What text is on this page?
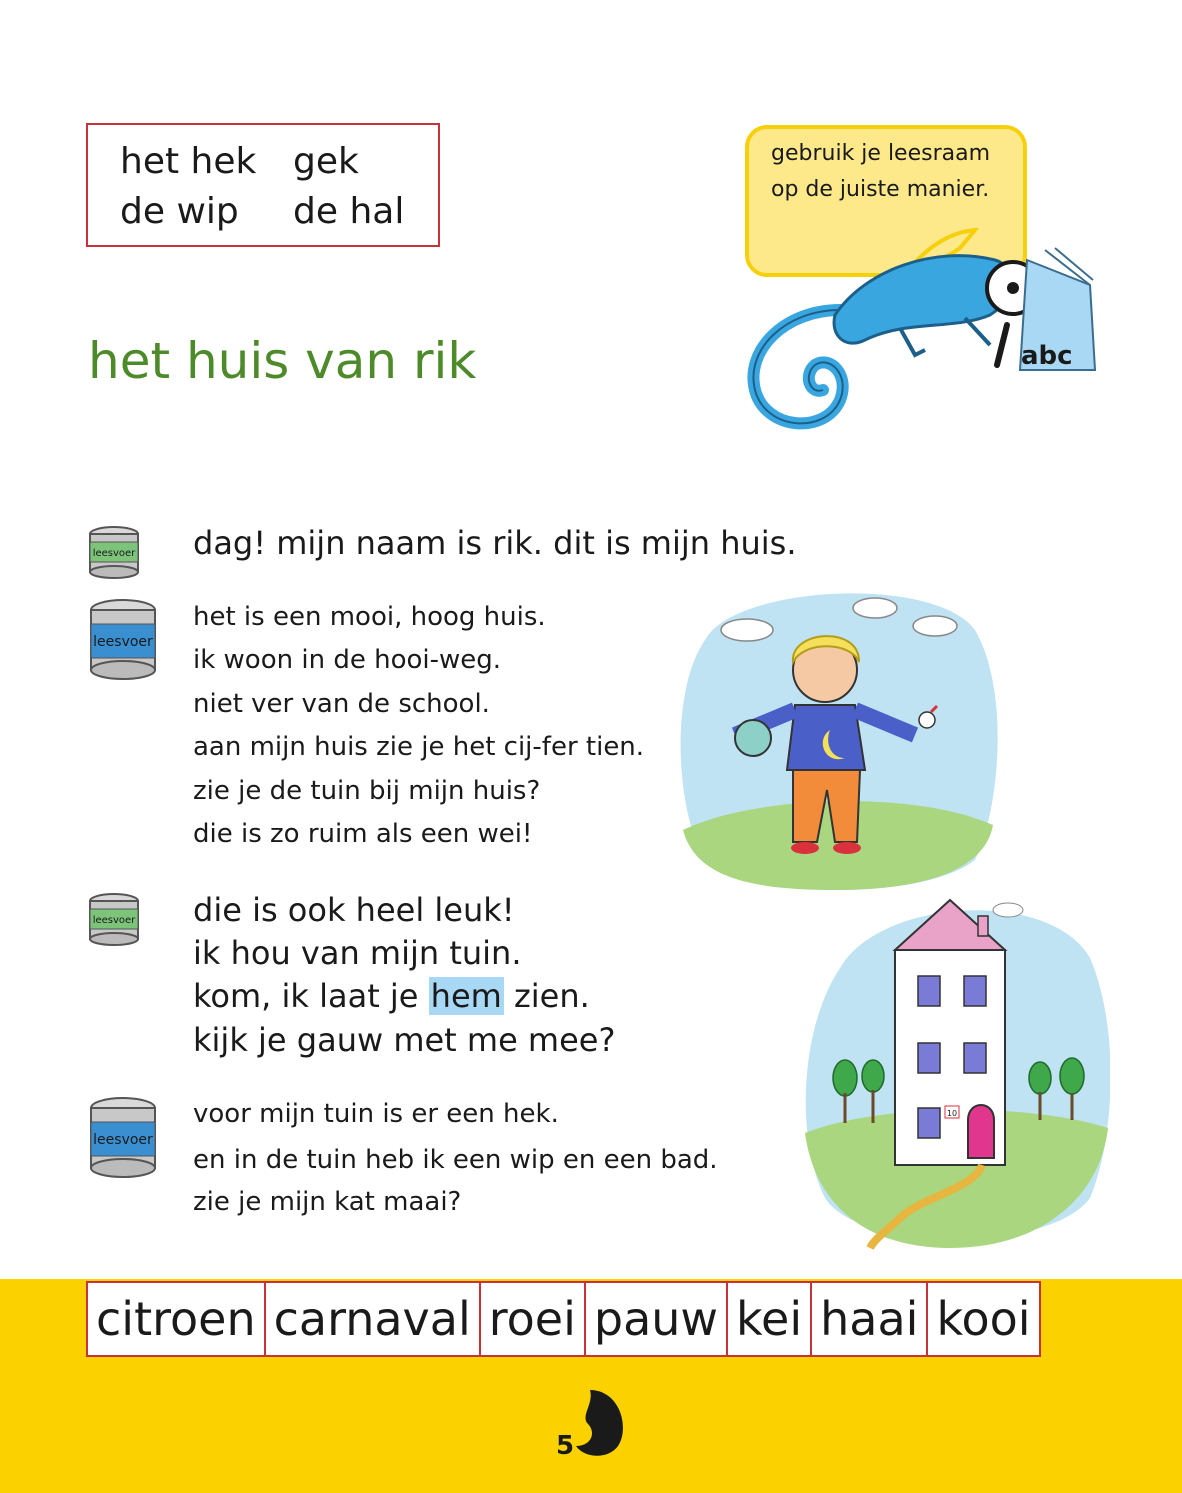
het hek gek
de wip de hal
het huis van rik
gebruik je leesraam
op de juiste manier.
abc
leesvoer
leesvoer
leesvoer
leesvoer
dag! mijn naam is rik. dit is mijn huis.
het is een mooi, hoog huis.
ik woon in de hooi-weg.
niet ver van de school.
aan mijn huis zie je het cij-fer tien.
zie je de tuin bij mijn huis?
die is zo ruim als een wei!
die is ook heel leuk!
ik hou van mijn tuin.
kom, ik laat je hem zien.
kijk je gauw met me mee?
voor mijn tuin is er een hek.
en in de tuin heb ik een wip en een bad.
zie je mijn kat maai?
10
citroen carnaval roei pauw kei haai kooi
5
